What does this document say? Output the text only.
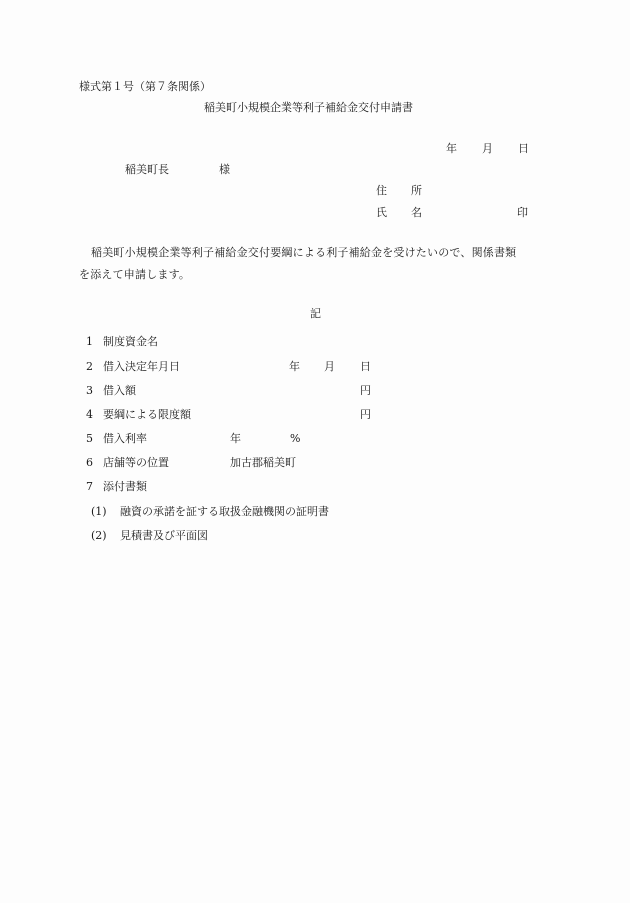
様式第１号（第７条関係）
稲美町小規模企業等利子補給金交付申請書
年 月 日
稲美町長	様
住 所
氏 名	印
稲美町小規模企業等利子補給金交付要綱による利子補給金を受けたいので、関係書類
を添えて申請します。
記
1 制度資金名
2 借入決定年月日	年 月 日
3 借入額	円
4 要綱による限度額	円
5 借入利率	年	%
6 店舗等の位置	加古郡稲美町
7 添付書類
(1) 融資の承諾を証する取扱金融機関の証明書
(2) 見積書及び平面図
